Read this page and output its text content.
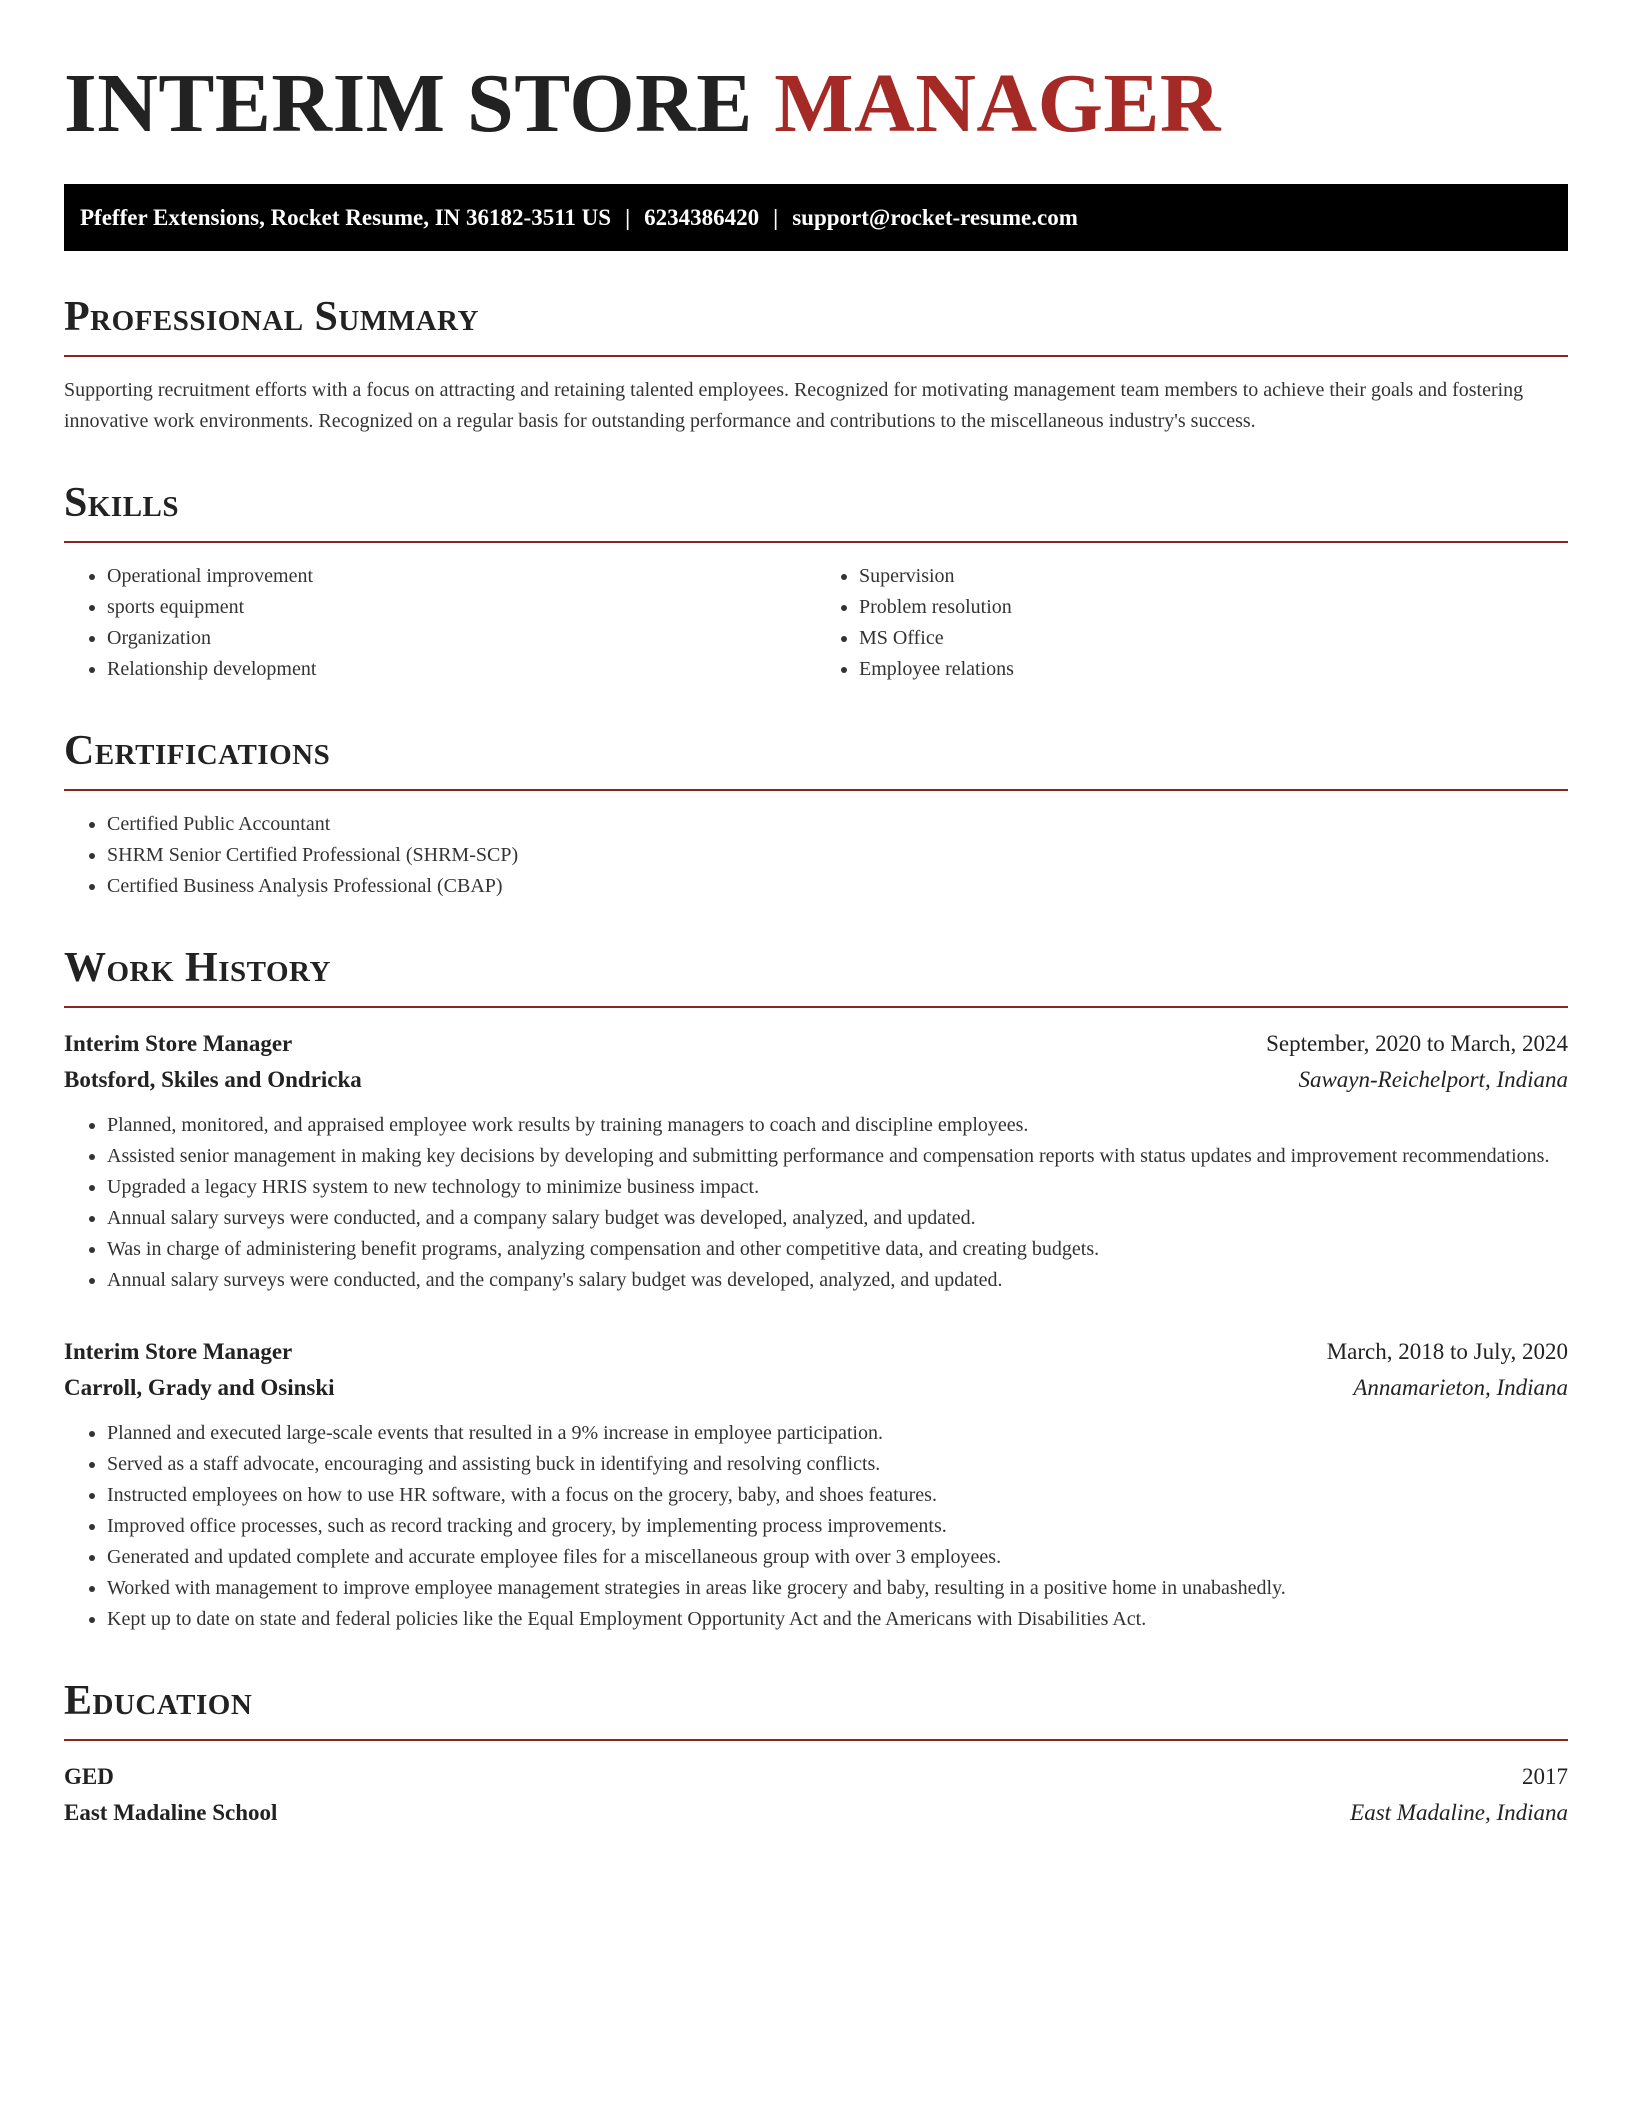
INTERIM STORE MANAGER
Pfeffer Extensions, Rocket Resume, IN 36182-3511 US | 6234386420 | support@rocket-resume.com
Professional Summary

Supporting recruitment efforts with a focus on attracting and retaining talented employees. Recognized for motivating management team members to achieve their goals and fostering innovative work environments. Recognized on a regular basis for outstanding performance and contributions to the miscellaneous industry's success.

Skills
• Operational improvement
• sports equipment
• Organization
• Relationship development
• Supervision
• Problem resolution
• MS Office
• Employee relations
Certifications
• Certified Public Accountant
• SHRM Senior Certified Professional (SHRM-SCP)
• Certified Business Analysis Professional (CBAP)
Work History
Interim Store Manager	September, 2020 to March, 2024
Botsford, Skiles and Ondricka	Sawayn-Reichelport, Indiana
• Planned, monitored, and appraised employee work results by training managers to coach and discipline employees.
• Assisted senior management in making key decisions by developing and submitting performance and compensation reports with status updates and improvement recommendations.
• Upgraded a legacy HRIS system to new technology to minimize business impact.
• Annual salary surveys were conducted, and a company salary budget was developed, analyzed, and updated.
• Was in charge of administering benefit programs, analyzing compensation and other competitive data, and creating budgets.
• Annual salary surveys were conducted, and the company's salary budget was developed, analyzed, and updated.
Interim Store Manager	March, 2018 to July, 2020
Carroll, Grady and Osinski	Annamarieton, Indiana
• Planned and executed large-scale events that resulted in a 9% increase in employee participation.
• Served as a staff advocate, encouraging and assisting buck in identifying and resolving conflicts.
• Instructed employees on how to use HR software, with a focus on the grocery, baby, and shoes features.
• Improved office processes, such as record tracking and grocery, by implementing process improvements.
• Generated and updated complete and accurate employee files for a miscellaneous group with over 3 employees.
• Worked with management to improve employee management strategies in areas like grocery and baby, resulting in a positive home in unabashedly.
• Kept up to date on state and federal policies like the Equal Employment Opportunity Act and the Americans with Disabilities Act.
Education
GED	2017
East Madaline School	East Madaline, Indiana
